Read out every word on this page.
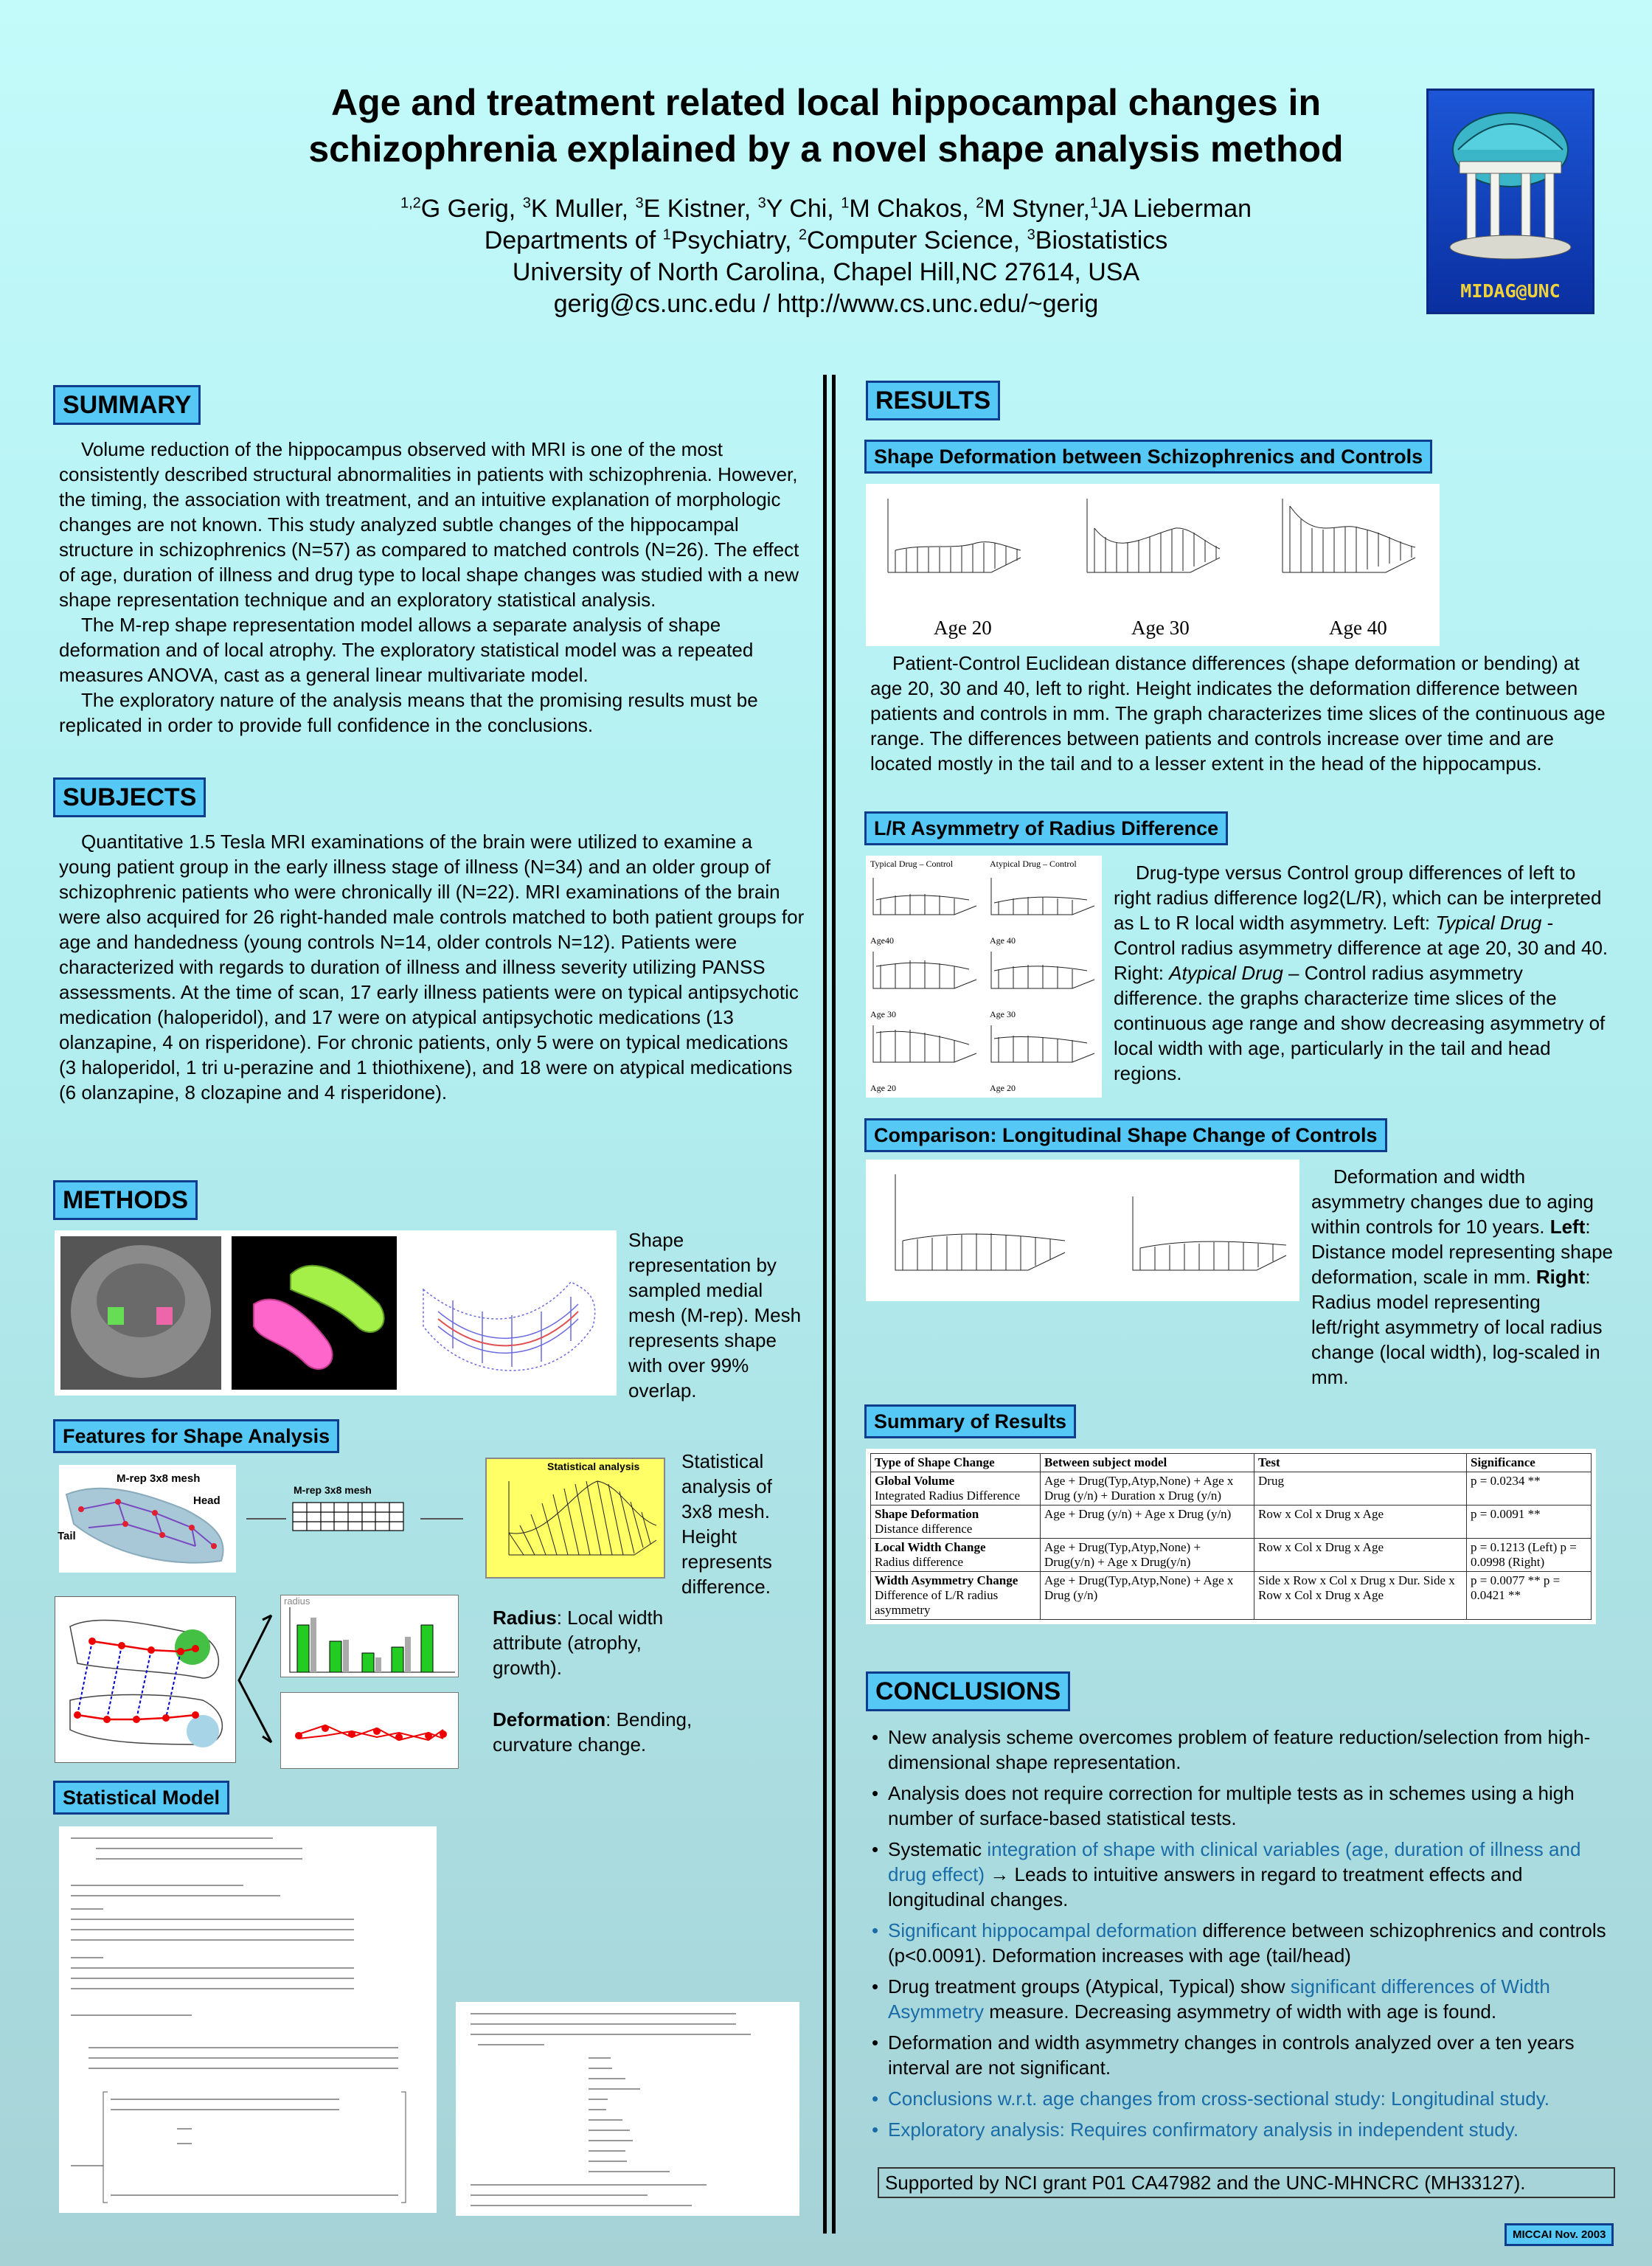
Age and treatment related local hippocampal changes in
schizophrenia explained by a novel shape analysis method
$^{1,2}$G Gerig, $^3$K Muller, $^3$E Kistner, $^3$Y Chi, $^1$M Chakos, $^2$M Styner,$^1$JA Lieberman
Departments of $^1$Psychiatry, $^2$Computer Science, $^3$Biostatistics
University of North Carolina, Chapel Hill,NC 27614, USA
gerig@cs.unc.edu / http://www.cs.unc.edu/~gerig	MIDAG@UNC
SUMMARY

Volume reduction of the hippocampus observed with MRI is one of the most consistently described structural abnormalities in patients with schizophrenia. However, the timing, the association with treatment, and an intuitive explanation of morphologic changes are not known. This study analyzed subtle changes of the hippocampal structure in schizophrenics (N=57) as compared to matched controls (N=26). The effect of age, duration of illness and drug type to local shape changes was studied with a new shape representation technique and an exploratory statistical analysis.

The M-rep shape representation model allows a separate analysis of shape deformation and of local atrophy. The exploratory statistical model was a repeated measures ANOVA, cast as a general linear multivariate model.

The exploratory nature of the analysis means that the promising results must be replicated in order to provide full confidence in the conclusions.

SUBJECTS

Quantitative 1.5 Tesla MRI examinations of the brain were utilized to examine a young patient group in the early illness stage of illness (N=34) and an older group of schizophrenic patients who were chronically ill (N=22). MRI examinations of the brain were also acquired for 26 right-handed male controls matched to both patient groups for age and handedness (young controls N=14, older controls N=12). Patients were characterized with regards to duration of illness and illness severity utilizing PANSS assessments. At the time of scan, 17 early illness patients were on typical antipsychotic medication (haloperidol), and 17 were on atypical antipsychotic medications (13 olanzapine, 4 on risperidone). For chronic patients, only 5 were on typical medications (3 haloperidol, 1 tri u-perazine and 1 thiothixene), and 18 were on atypical medications (6 olanzapine, 8 clozapine and 4 risperidone).

METHODS
Shape representation by sampled medial mesh (M-rep). Mesh represents shape with over 99% overlap.
Features for Shape Analysis
M-rep 3x8 mesh
Tail
Head
M-rep 3x8 mesh
Statistical analysis Statistical analysis of 3x8 mesh. Height represents difference.
radius
Radius: Local width attribute (atrophy, growth).
Deformation: Bending, curvature change.
Statistical Model
RESULTS
Shape Deformation between Schizophrenics and Controls
Age 20	Age 30	Age 40

Patient-Control Euclidean distance differences (shape deformation or bending) at age 20, 30 and 40, left to right. Height indicates the deformation difference between patients and controls in mm. The graph characterizes time slices of the continuous age range. The differences between patients and controls increase over time and are located mostly in the tail and to a lesser extent in the head of the hippocampus.

L/R Asymmetry of Radius Difference
Typical Drug – Control	Atypical Drug – Control
Age40	Age 40
Age 30	Age 30
Age 20	Age 20

Drug-type versus Control group differences of left to right radius difference log2(L/R), which can be interpreted as L to R local width asymmetry. Left: Typical Drug - Control radius asymmetry difference at age 20, 30 and 40. Right: Atypical Drug – Control radius asymmetry difference. the graphs characterize time slices of the continuous age range and show decreasing asymmetry of local width with age, particularly in the tail and head regions.

Comparison: Longitudinal Shape Change of Controls

Deformation and width asymmetry changes due to aging within controls for 10 years. Left: Distance model representing shape deformation, scale in mm. Right: Radius model representing left/right asymmetry of local radius change (local width), log-scaled in mm.

Summary of Results
Type of Shape Change	Between subject model	Test	Significance
Global Volume
Integrated Radius Difference	Age + Drug(Typ,Atyp,None) + Age x Drug (y/n) + Duration x Drug (y/n)	Drug	p = 0.0234 **
Shape Deformation
Distance difference	Age + Drug (y/n) + Age x Drug (y/n)	Row x Col x Drug x Age	p = 0.0091 **
Local Width Change
Radius difference	Age + Drug(Typ,Atyp,None) + Drug(y/n) + Age x Drug(y/n)	Row x Col x Drug x Age	p = 0.1213 (Left) p = 0.0998 (Right)
Width Asymmetry Change
Difference of L/R radius asymmetry	Age + Drug(Typ,Atyp,None) + Age x Drug (y/n)	Side x Row x Col x Drug x Dur. Side x Row x Col x Drug x Age	p = 0.0077 ** p = 0.0421 **
CONCLUSIONS
• New analysis scheme overcomes problem of feature reduction/selection from high-dimensional shape representation.
• Analysis does not require correction for multiple tests as in schemes using a high number of surface-based statistical tests.
• Systematic integration of shape with clinical variables (age, duration of illness and drug effect) → Leads to intuitive answers in regard to treatment effects and longitudinal changes.
• Significant hippocampal deformation difference between schizophrenics and controls (p<0.0091). Deformation increases with age (tail/head)
• Drug treatment groups (Atypical, Typical) show significant differences of Width Asymmetry measure. Decreasing asymmetry of width with age is found.
• Deformation and width asymmetry changes in controls analyzed over a ten years interval are not significant.
• Conclusions w.r.t. age changes from cross-sectional study: Longitudinal study.
• Exploratory analysis: Requires confirmatory analysis in independent study.
Supported by NCI grant P01 CA47982 and the UNC-MHNCRC (MH33127).
MICCAI Nov. 2003
